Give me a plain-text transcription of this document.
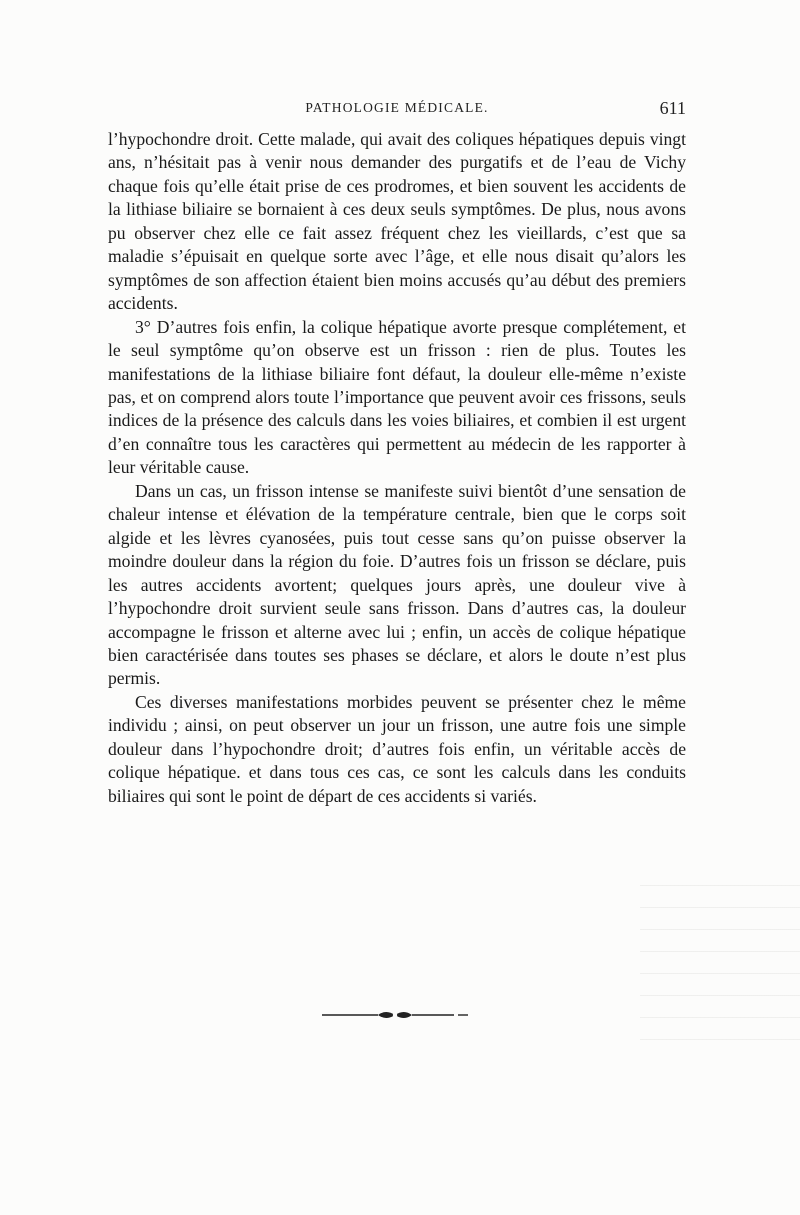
PATHOLOGIE MÉDICALE.	611

l’hypochondre droit. Cette malade, qui avait des coliques hépatiques depuis vingt ans, n’hésitait pas à venir nous demander des purgatifs et de l’eau de Vichy chaque fois qu’elle était prise de ces prodromes, et bien souvent les accidents de la lithiase biliaire se bornaient à ces deux seuls symptômes. De plus, nous avons pu observer chez elle ce fait assez fréquent chez les vieillards, c’est que sa maladie s’épuisait en quelque sorte avec l’âge, et elle nous disait qu’alors les symptômes de son affection étaient bien moins accusés qu’au début des premiers accidents.

3° D’autres fois enfin, la colique hépatique avorte presque complétement, et le seul symptôme qu’on observe est un frisson : rien de plus. Toutes les manifestations de la lithiase biliaire font défaut, la douleur elle-même n’existe pas, et on comprend alors toute l’importance que peuvent avoir ces frissons, seuls indices de la présence des calculs dans les voies biliaires, et combien il est urgent d’en connaître tous les caractères qui permettent au médecin de les rapporter à leur véritable cause.

Dans un cas, un frisson intense se manifeste suivi bientôt d’une sensation de chaleur intense et élévation de la température centrale, bien que le corps soit algide et les lèvres cyanosées, puis tout cesse sans qu’on puisse observer la moindre douleur dans la région du foie. D’autres fois un frisson se déclare, puis les autres accidents avortent; quelques jours après, une douleur vive à l’hypochondre droit survient seule sans frisson. Dans d’autres cas, la douleur accompagne le frisson et alterne avec lui ; enfin, un accès de colique hépatique bien caractérisée dans toutes ses phases se déclare, et alors le doute n’est plus permis.

Ces diverses manifestations morbides peuvent se présenter chez le même individu ; ainsi, on peut observer un jour un frisson, une autre fois une simple douleur dans l’hypochondre droit; d’autres fois enfin, un véritable accès de colique hépatique. et dans tous ces cas, ce sont les calculs dans les conduits biliaires qui sont le point de départ de ces accidents si variés.
